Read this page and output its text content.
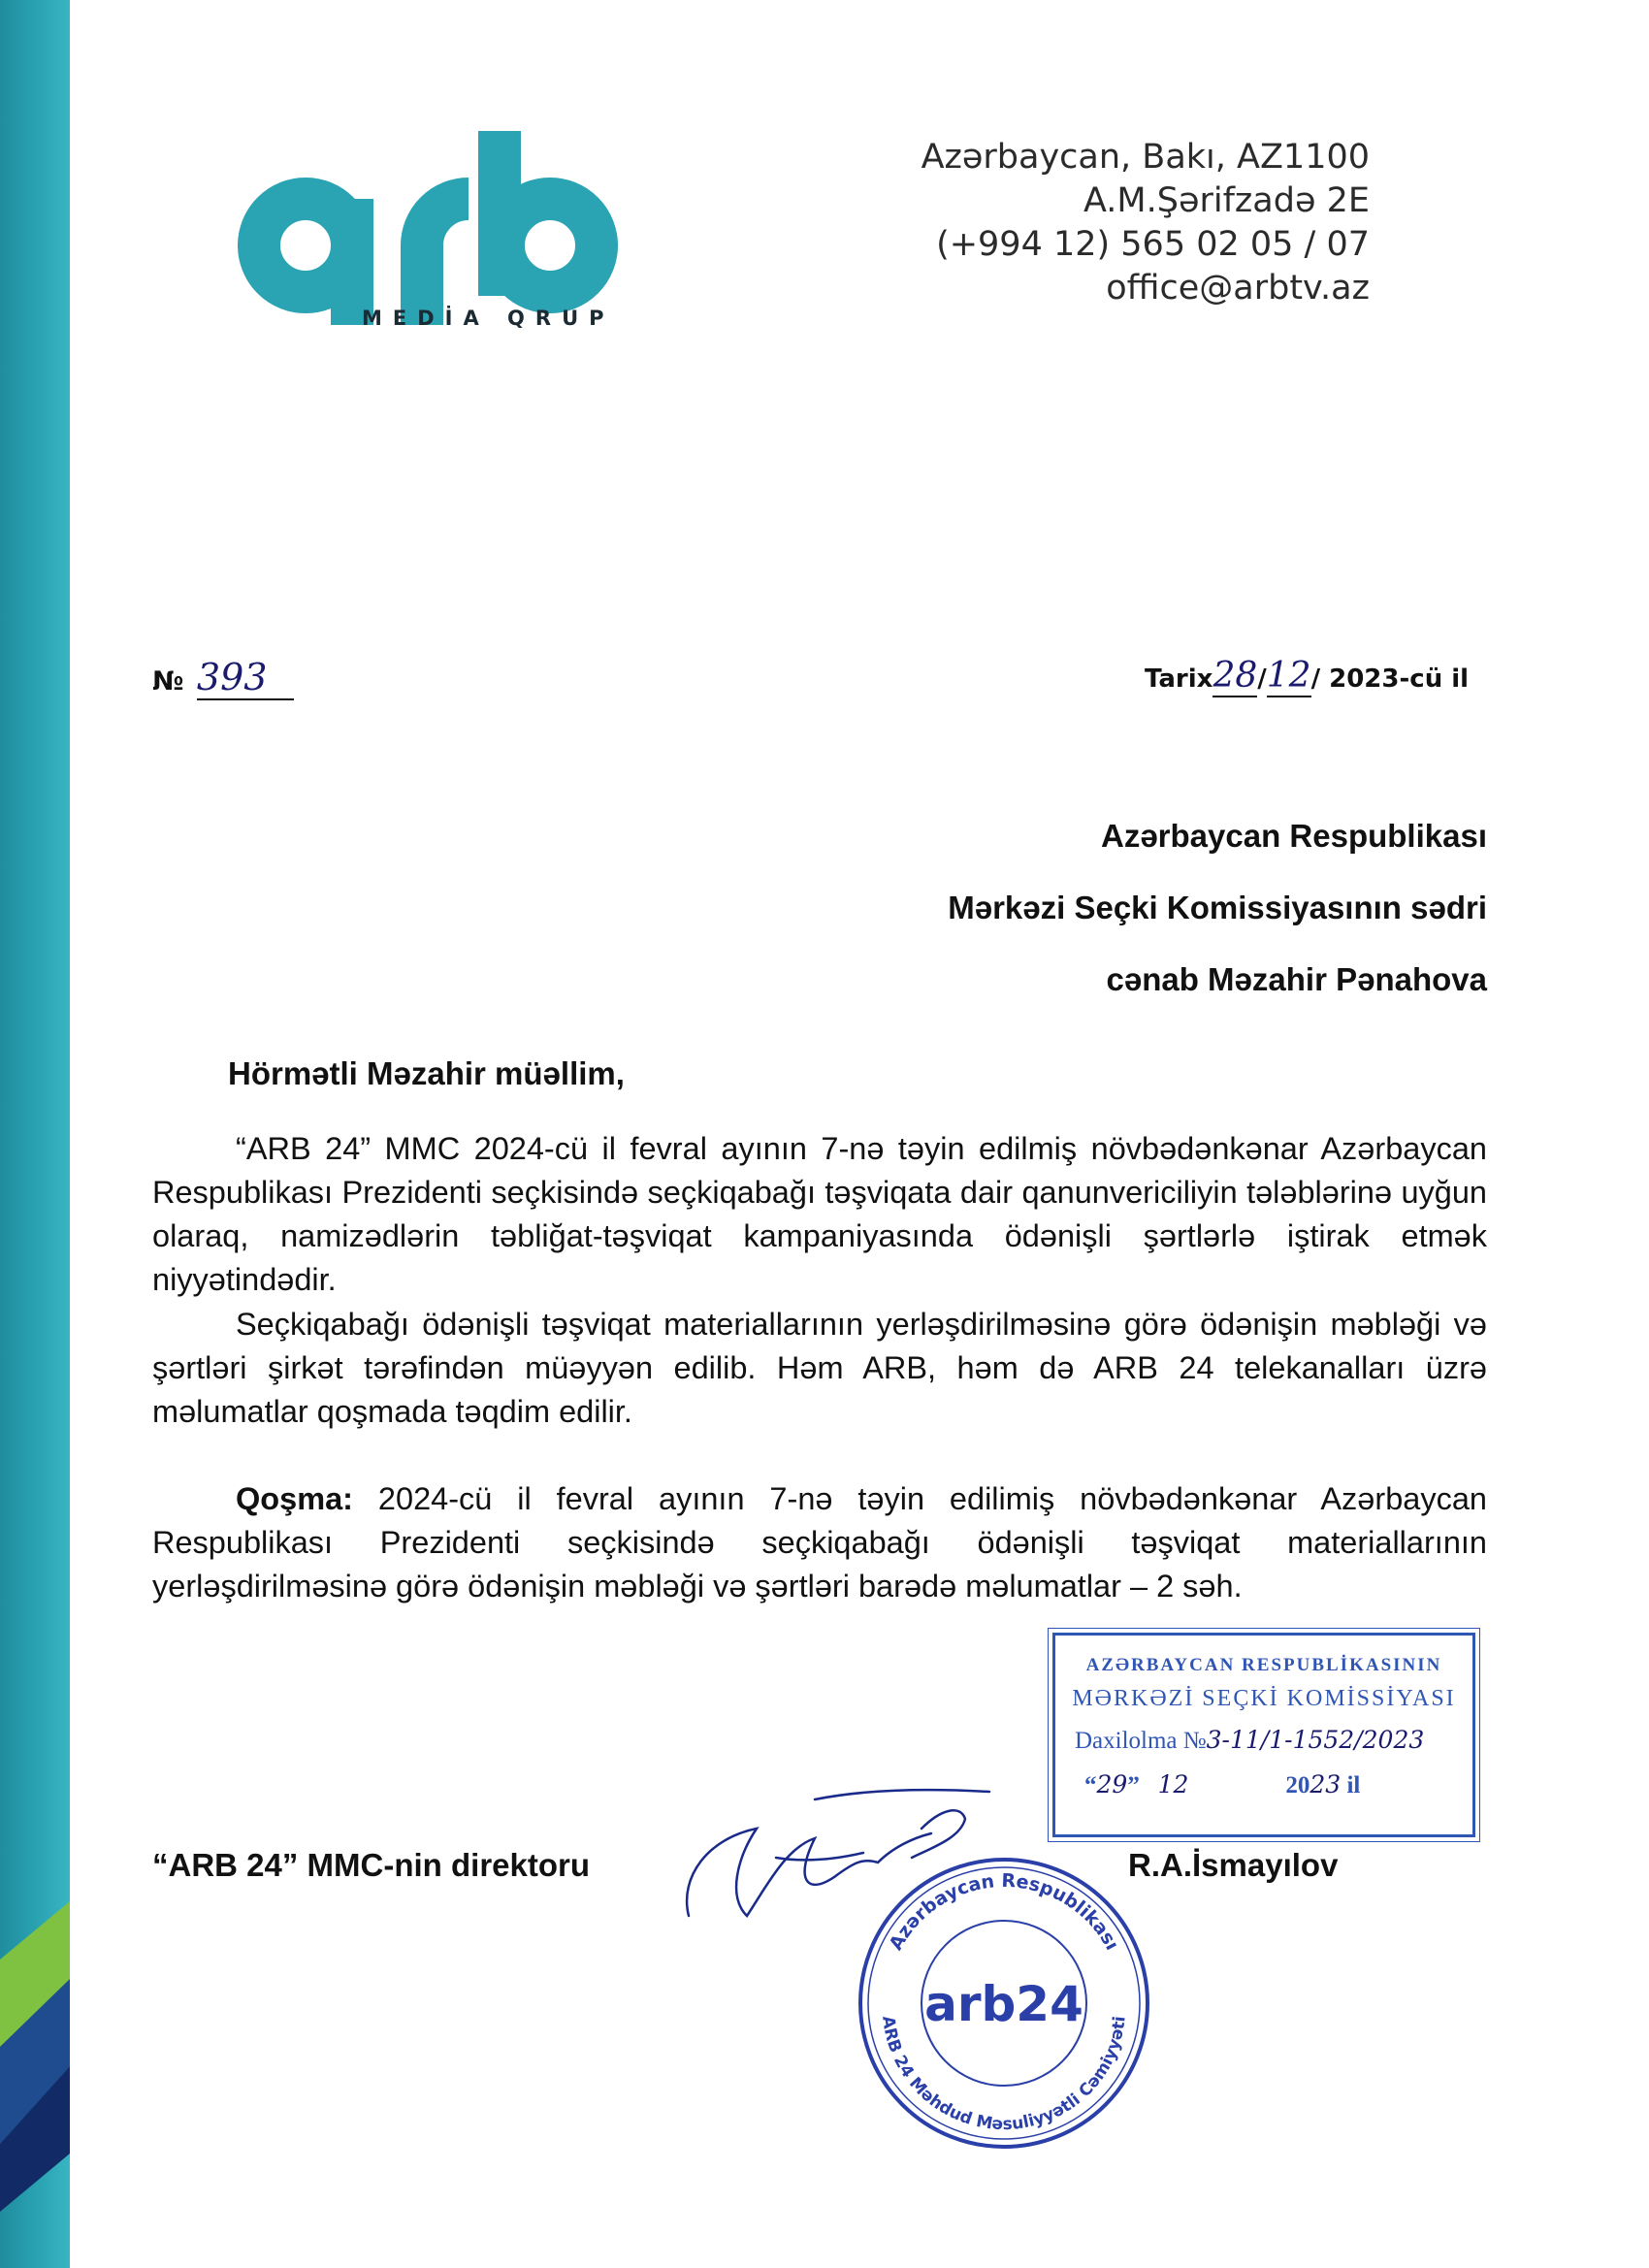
MEDİA QRUP
Azərbaycan, Bakı, AZ1100
A.M.Şərifzadə 2E
(+994 12) 565 02 05 / 07
office@arbtv.az
№ 393	Tarix28/12/ 2023-cü il
Azərbaycan Respublikası
Mərkəzi Seçki Komissiyasının sədri
cənab Məzahir Pənahova
Hörmətli Məzahir müəllim,

“ARB 24” MMC 2024-cü il fevral ayının 7-nə təyin edilmiş növbədənkənar Azərbaycan Respublikası Prezidenti seçkisində seçkiqabağı təşviqata dair qanunvericiliyin tələblərinə uyğun olaraq, namizədlərin təbliğat-təşviqat kampaniyasında ödənişli şərtlərlə iştirak etmək niyyətindədir.

Seçkiqabağı ödənişli təşviqat materiallarının yerləşdirilməsinə görə ödənişin məbləği və şərtləri şirkət tərəfindən müəyyən edilib. Həm ARB, həm də ARB 24 telekanalları üzrə məlumatlar qoşmada təqdim edilir.

Qoşma: 2024-cü il fevral ayının 7-nə təyin edilimiş növbədənkənar Azərbaycan Respublikası Prezidenti seçkisində seçkiqabağı ödənişli təşviqat materiallarının yerləşdirilməsinə görə ödənişin məbləği və şərtləri barədə məlumatlar – 2 səh.

AZƏRBAYCAN RESPUBLİKASININ
MƏRKƏZİ SEÇKİ KOMİSSİYASI
Daxilolma №3-11/1-1552/2023
“29”   12	2023 il
“ARB 24” MMC-nin direktoru	R.A.İsmayılov
Azərbaycan Respublikası
ARB 24 Məhdud Məsuliyyətli Cəmiyyəti
arb24
